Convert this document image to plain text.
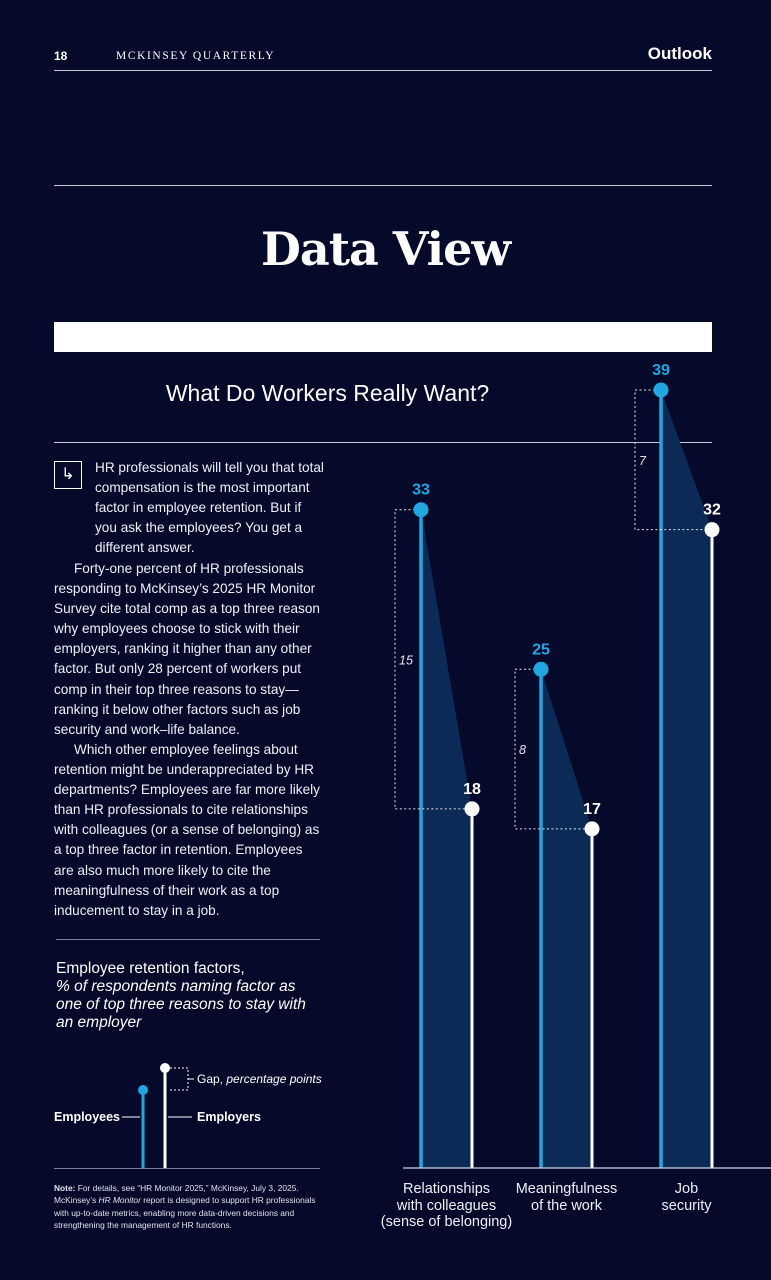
18	MCKINSEY QUARTERLY	Outlook
Data View
What Do Workers Really Want?
↳	HR professionals will tell you that total compensation is the most important factor in employee retention. But if you ask the employees? You get a different answer.
Forty-one percent of HR professionals responding to McKinsey’s 2025 HR Monitor Survey cite total comp as a top three reason why employees choose to stick with their employers, ranking it higher than any other factor. But only 28 percent of workers put comp in their top three reasons to stay— ranking it below other factors such as job security and work–life balance.
Which other employee feelings about retention might be underappreciated by HR departments? Employees are far more likely than HR professionals to cite relationships with colleagues (or a sense of belonging) as a top three factor in retention. Employees are also much more likely to cite the meaningfulness of their work as a top inducement to stay in a job.
Employee retention factors,
% of respondents naming factor as one of top three reasons to stay with an employer
Employees	Employers
Gap, percentage points
Note: For details, see “HR Monitor 2025,” McKinsey, July 3, 2025. McKinsey’s HR Monitor report is designed to support HR professionals with up-to-date metrics, enabling more data-driven decisions and strengthening the management of HR functions.
15
33
18
8
25
17
7
39
32
Relationships
with colleagues
(sense of belonging)
Meaningfulness
of the work
Job
security
